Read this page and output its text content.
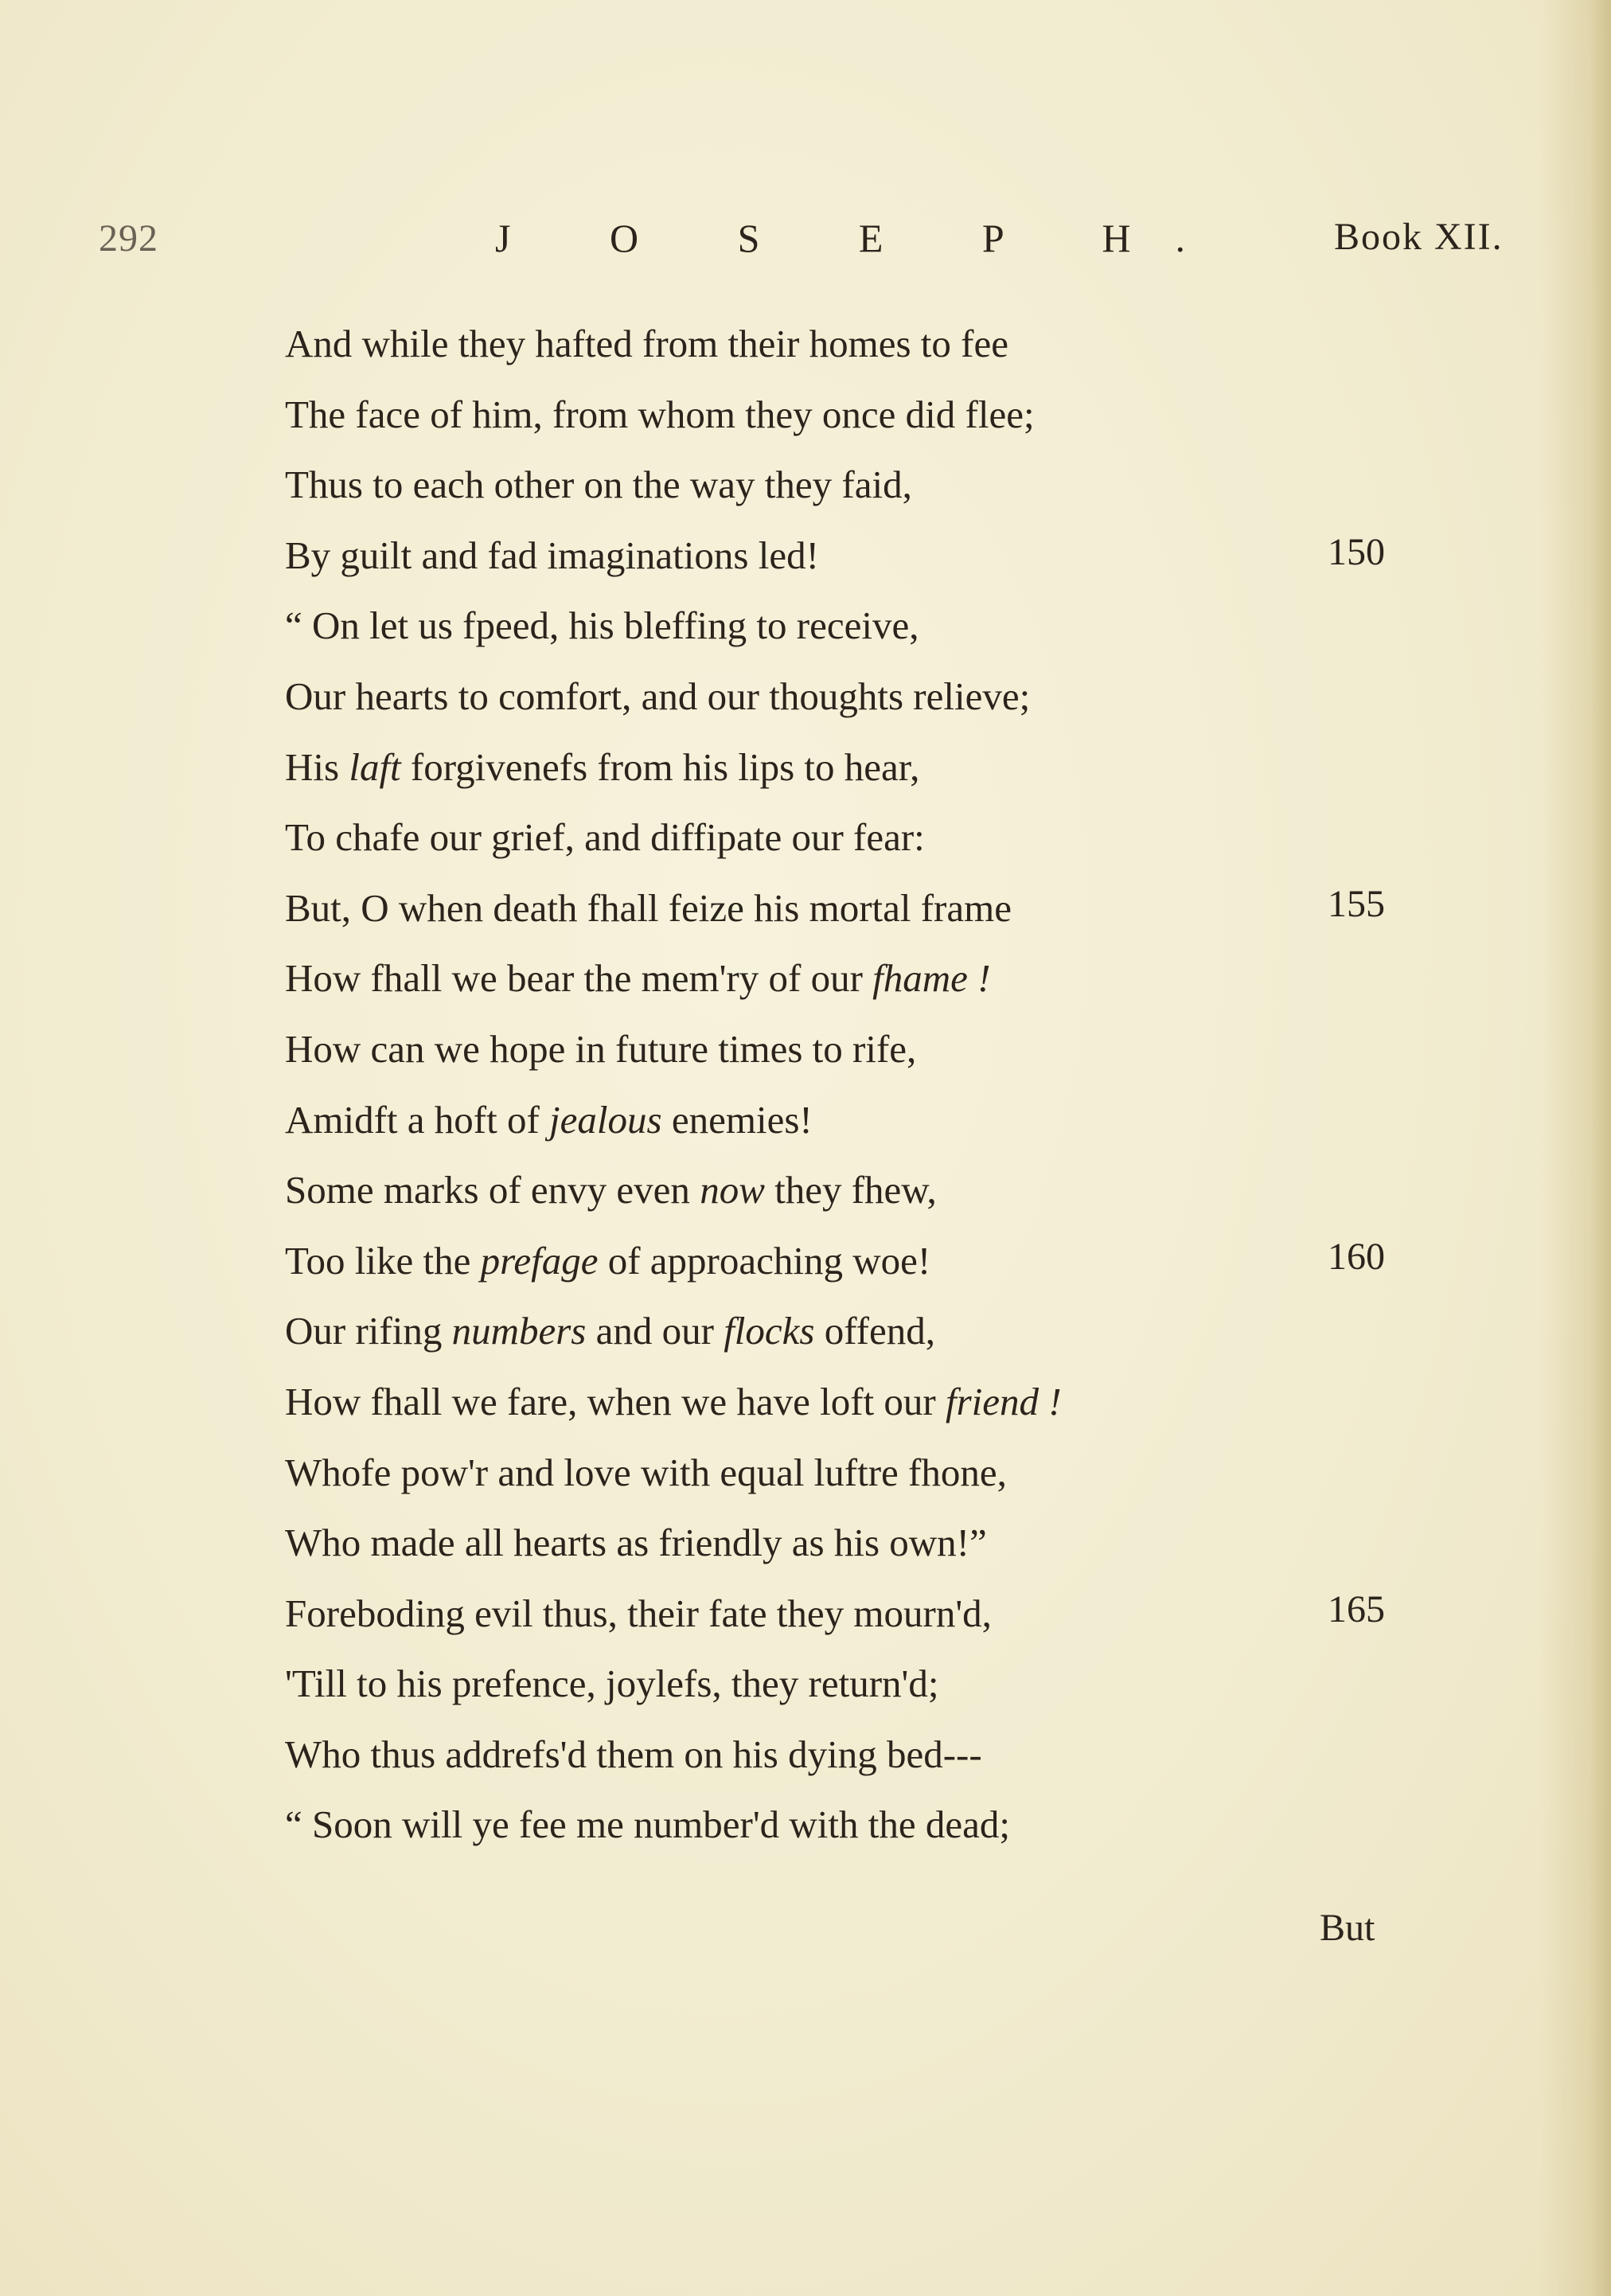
292	J O S E P H.	Book XII.
And while they hafted from their homes to fee
The face of him, from whom they once did flee;
Thus to each other on the way they faid,
By guilt and fad imaginations led!
“ On let us fpeed, his bleffing to receive,
Our hearts to comfort, and our thoughts relieve;
His laft forgivenefs from his lips to hear,
To chafe our grief, and diffipate our fear:
But, O when death fhall feize his mortal frame
How fhall we bear the mem'ry of our fhame !
How can we hope in future times to rife,
Amidft a hoft of jealous enemies!
Some marks of envy even now they fhew,
Too like the prefage of approaching woe!
Our rifing numbers and our flocks offend,
How fhall we fare, when we have loft our friend !
Whofe pow'r and love with equal luftre fhone,
Who made all hearts as friendly as his own!”
Foreboding evil thus, their fate they mourn'd,
'Till to his prefence, joylefs, they return'd;
Who thus addrefs'd them on his dying bed---
“ Soon will ye fee me number'd with the dead;
150
155
160
165
But
